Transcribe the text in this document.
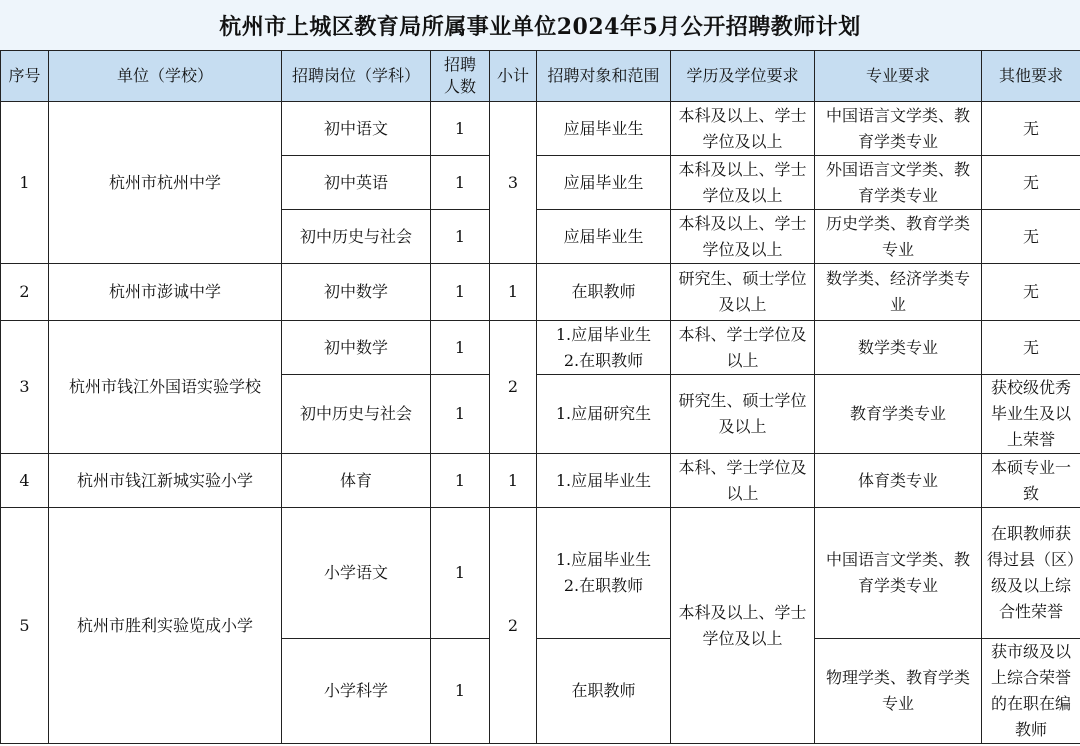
杭州市上城区教育局所属事业单位2024年5月公开招聘教师计划
序号	单位（学校）	招聘岗位（学科）	招聘人数	小计	招聘对象和范围	学历及学位要求	专业要求	其他要求
1	杭州市杭州中学	初中语文	1	3	应届毕业生	本科及以上、学士学位及以上	中国语言文学类、教育学类专业	无
		初中英语	1		应届毕业生	本科及以上、学士学位及以上	外国语言文学类、教育学类专业	无
		初中历史与社会	1		应届毕业生	本科及以上、学士学位及以上	历史学类、教育学类专业	无
2	杭州市澎诚中学	初中数学	1	1	在职教师	研究生、硕士学位及以上	数学类、经济学类专业	无
3	杭州市钱江外国语实验学校	初中数学	1	2	1.应届毕业生
2.在职教师	本科、学士学位及以上	数学类专业	无
		初中历史与社会	1		1.应届研究生	研究生、硕士学位及以上	教育学类专业	获校级优秀毕业生及以上荣誉
4	杭州市钱江新城实验小学	体育	1	1	1.应届毕业生	本科、学士学位及以上	体育类专业	本硕专业一致
5	杭州市胜利实验览成小学	小学语文	1	2	1.应届毕业生
2.在职教师	本科及以上、学士学位及以上	中国语言文学类、教育学类专业	在职教师获得过县（区）级及以上综合性荣誉
		小学科学	1		在职教师		物理学类、教育学类专业	获市级及以上综合荣誉的在职在编教师
